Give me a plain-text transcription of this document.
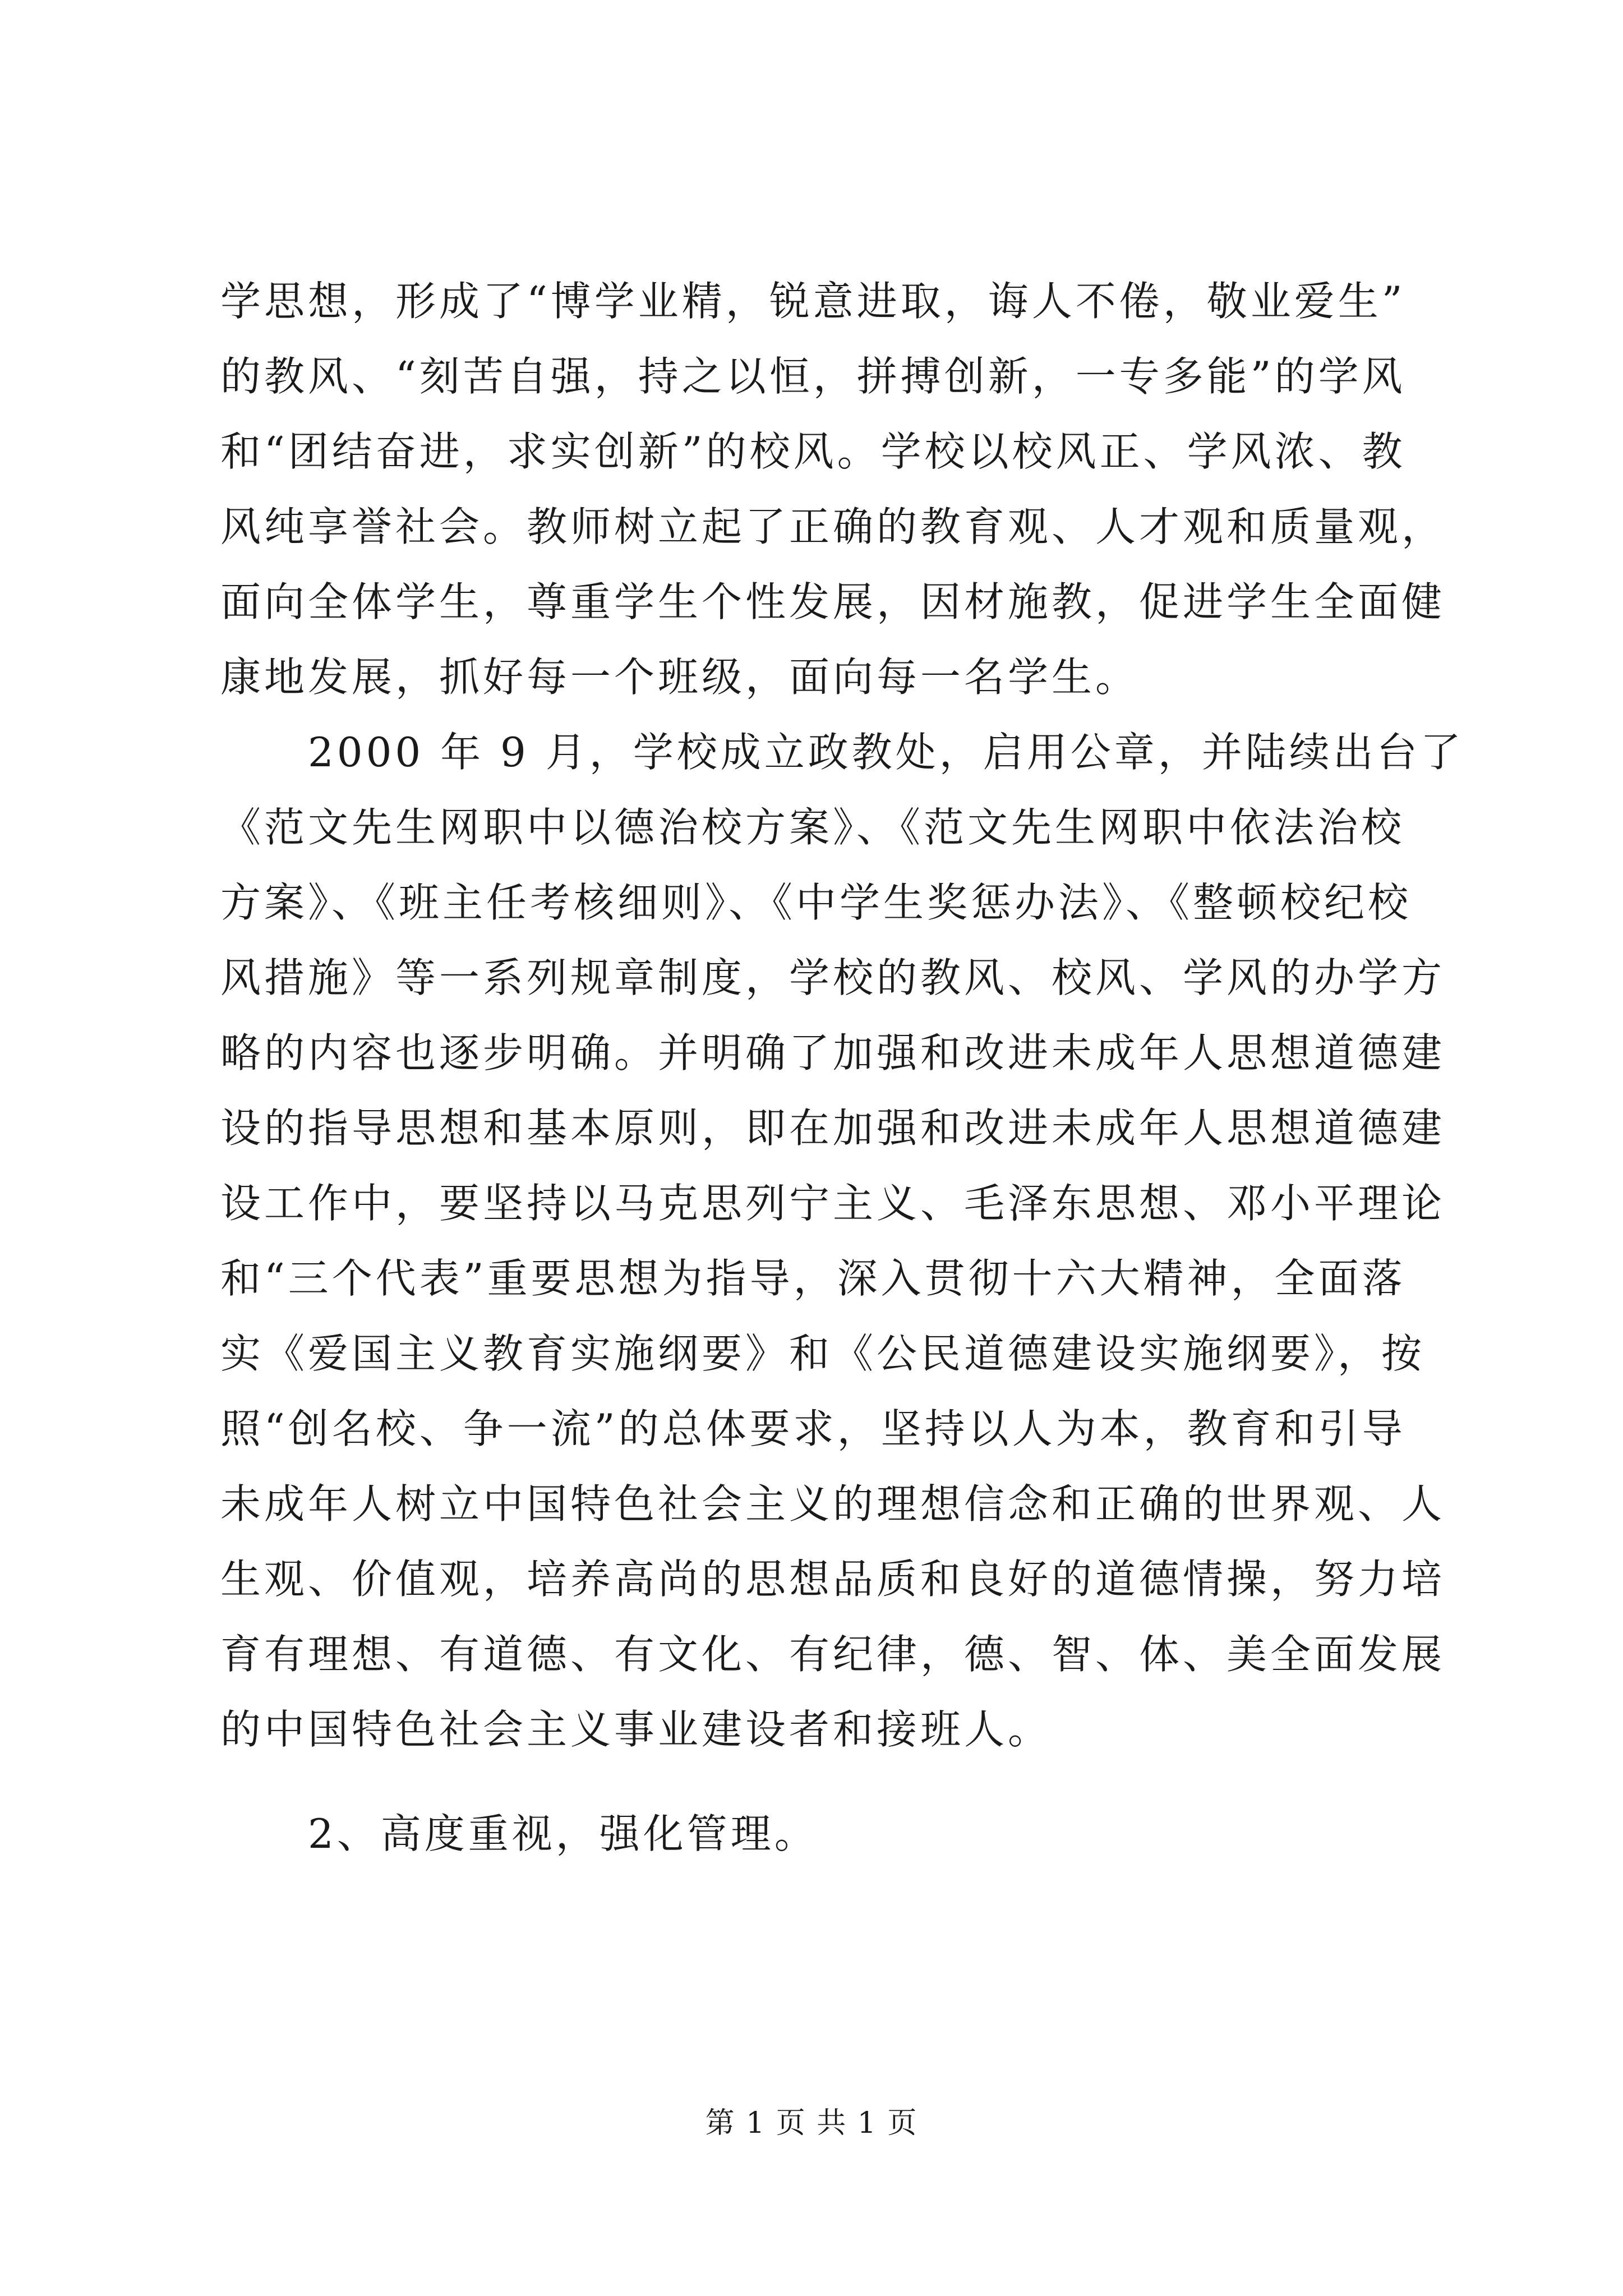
学思想，形成了“博学业精，锐意进取，诲人不倦，敬业爱生”
的教风、“刻苦自强，持之以恒，拼搏创新，一专多能”的学风
和“团结奋进，求实创新”的校风。学校以校风正、学风浓、教
风纯享誉社会。教师树立起了正确的教育观、人才观和质量观，
面向全体学生，尊重学生个性发展，因材施教，促进学生全面健
康地发展，抓好每一个班级，面向每一名学生。
　　2000 年 9 月，学校成立政教处，启用公章，并陆续出台了
《范文先生网职中以德治校方案》、《范文先生网职中依法治校
方案》、《班主任考核细则》、《中学生奖惩办法》、《整顿校纪校
风措施》等一系列规章制度，学校的教风、校风、学风的办学方
略的内容也逐步明确。并明确了加强和改进未成年人思想道德建
设的指导思想和基本原则，即在加强和改进未成年人思想道德建
设工作中，要坚持以马克思列宁主义、毛泽东思想、邓小平理论
和“三个代表”重要思想为指导，深入贯彻十六大精神，全面落
实《爱国主义教育实施纲要》和《公民道德建设实施纲要》，按
照“创名校、争一流”的总体要求，坚持以人为本，教育和引导
未成年人树立中国特色社会主义的理想信念和正确的世界观、人
生观、价值观，培养高尚的思想品质和良好的道德情操，努力培
育有理想、有道德、有文化、有纪律，德、智、体、美全面发展
的中国特色社会主义事业建设者和接班人。
　　2、高度重视，强化管理。
第 1 页 共 1 页
